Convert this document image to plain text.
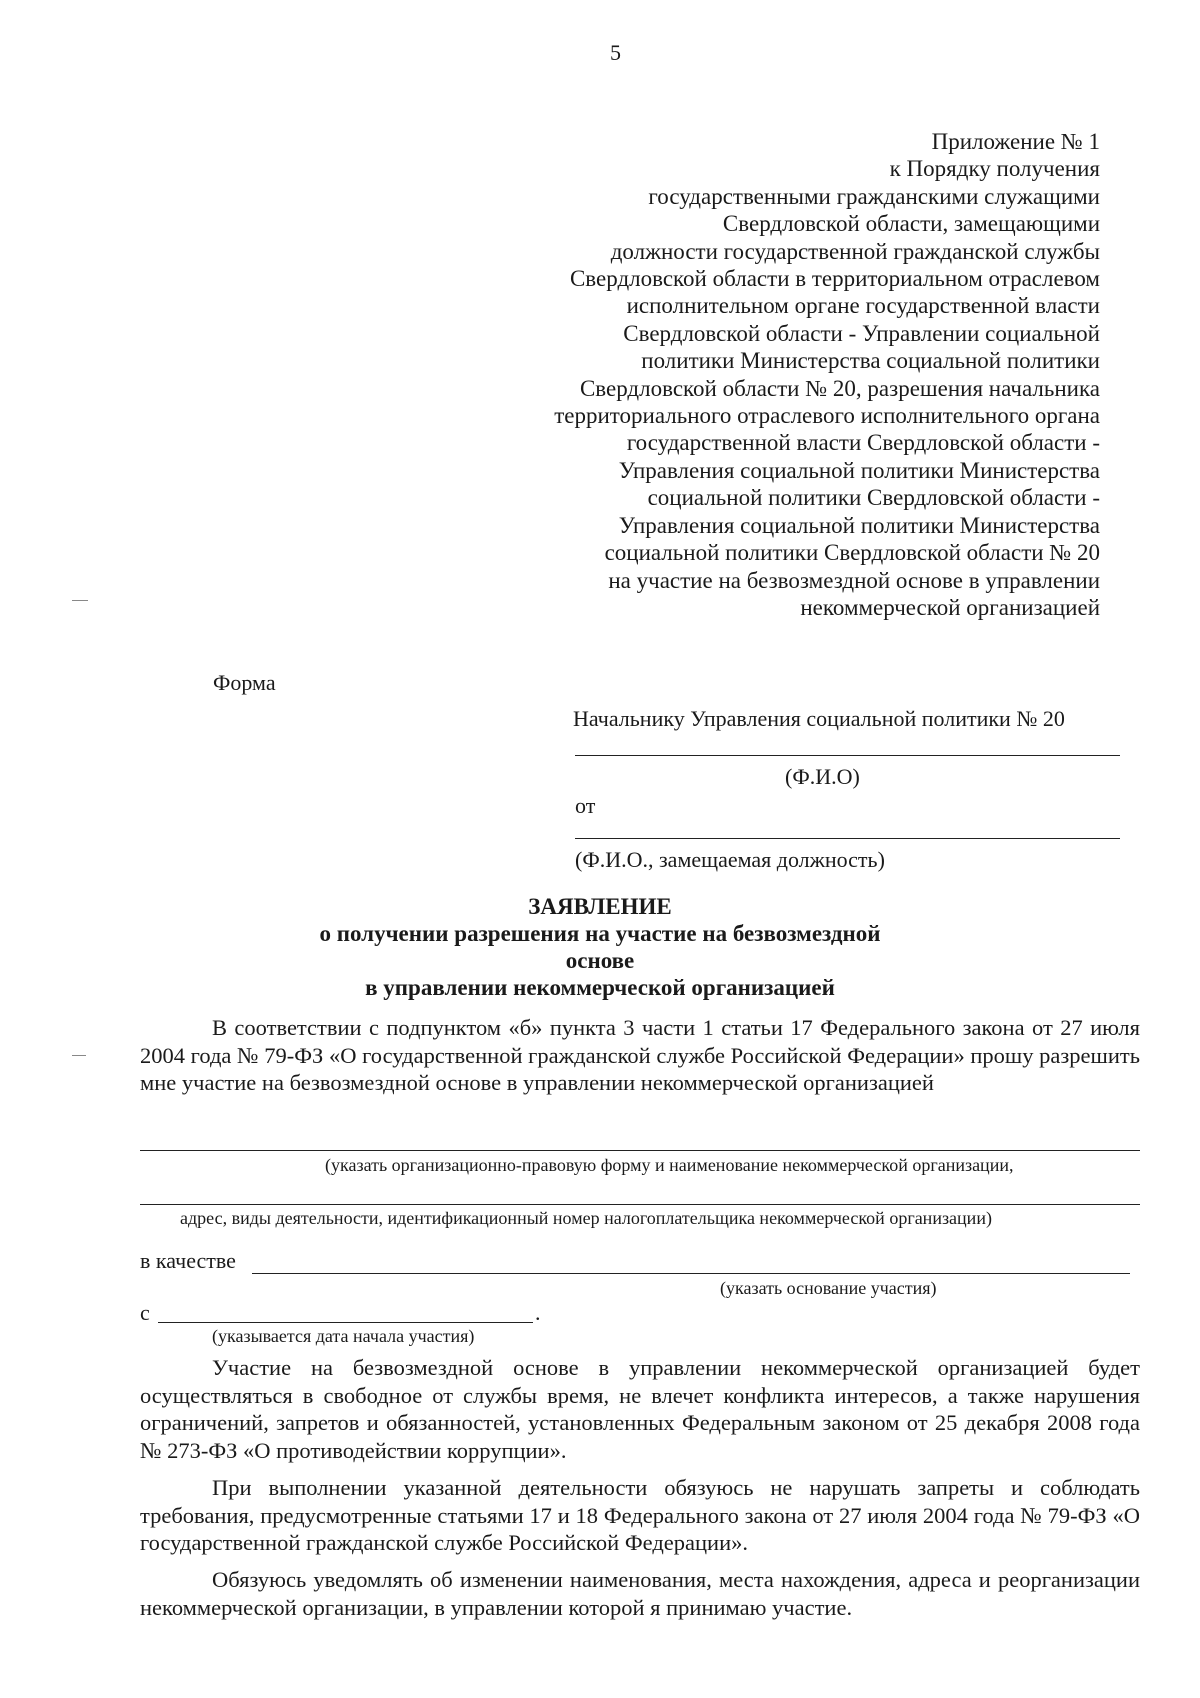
5
Приложение № 1
к Порядку получения
государственными гражданскими служащими
Свердловской области, замещающими
должности государственной гражданской службы
Свердловской области в территориальном отраслевом
исполнительном органе государственной власти
Свердловской области - Управлении социальной
политики Министерства социальной политики
Свердловской области № 20, разрешения начальника
территориального отраслевого исполнительного органа
государственной власти Свердловской области -
Управления социальной политики Министерства
социальной политики Свердловской области -
Управления социальной политики Министерства
социальной политики Свердловской области № 20
на участие на безвозмездной основе в управлении
некоммерческой организацией
Форма
Начальнику Управления социальной политики № 20
(Ф.И.О)
от
(Ф.И.О., замещаемая должность)
ЗАЯВЛЕНИЕ
о получении разрешения на участие на безвозмездной основе
в управлении некоммерческой организацией
В соответствии с подпунктом «б» пункта 3 части 1 статьи 17 Федерального закона от 27 июля 2004 года № 79-ФЗ «О государственной гражданской службе Российской Федерации» прошу разрешить мне участие на безвозмездной основе в управлении некоммерческой организацией
(указать организационно-правовую форму и наименование некоммерческой организации,
адрес, виды деятельности, идентификационный номер налогоплательщика некоммерческой организации)
в качестве
(указать основание участия)
с	.
(указывается дата начала участия)
Участие на безвозмездной основе в управлении некоммерческой организацией будет осуществляться в свободное от службы время, не влечет конфликта интересов, а также нарушения ограничений, запретов и обязанностей, установленных Федеральным законом от 25 декабря 2008 года № 273-ФЗ «О противодействии коррупции».
При выполнении указанной деятельности обязуюсь не нарушать запреты и соблюдать требования, предусмотренные статьями 17 и 18 Федерального закона от 27 июля 2004 года № 79-ФЗ «О государственной гражданской службе Российской Федерации».
Обязуюсь уведомлять об изменении наименования, места нахождения, адреса и реорганизации некоммерческой организации, в управлении которой я принимаю участие.
